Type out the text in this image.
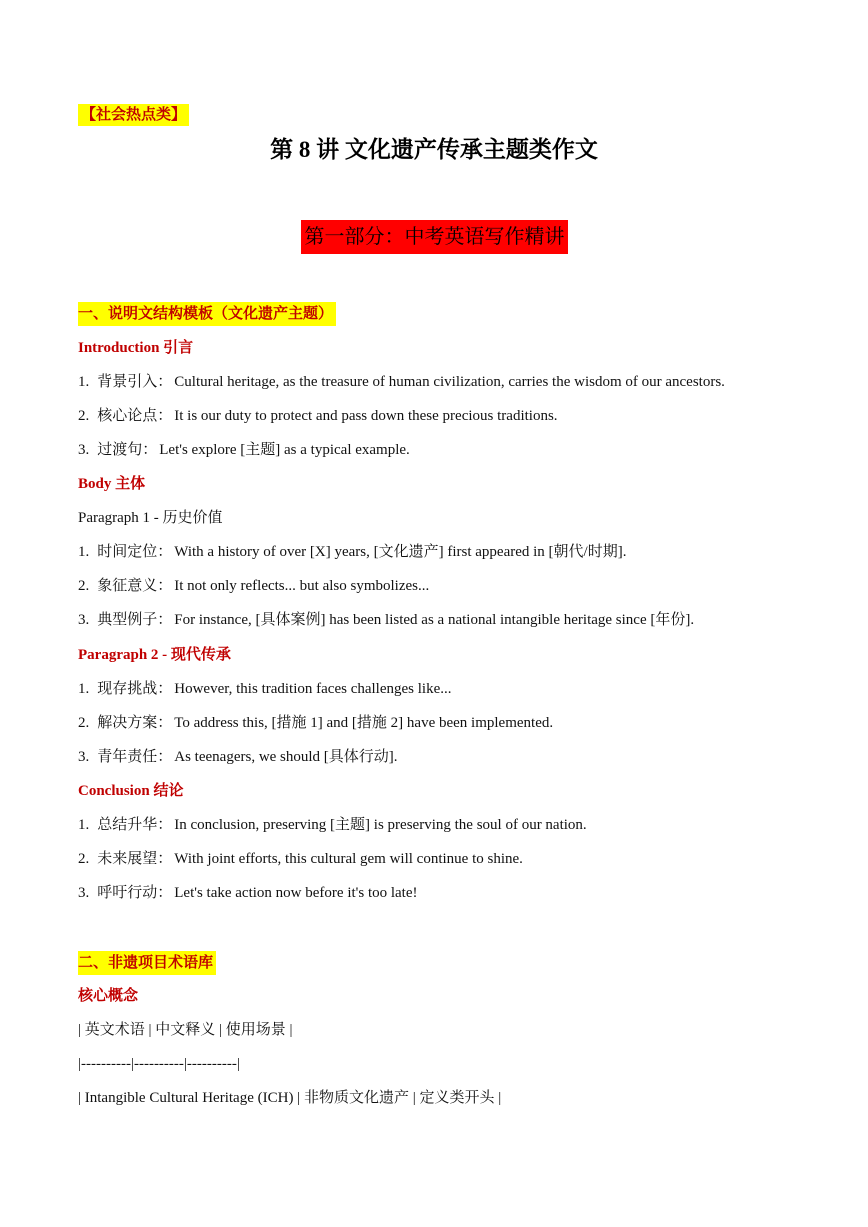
【社会热点类】
第 8 讲 文化遗产传承主题类作文
第一部分：中考英语写作精讲
一、说明文结构模板（文化遗产主题）
Introduction 引言
1. 背景引入： Cultural heritage, as the treasure of human civilization, carries the wisdom of our ancestors.
2. 核心论点： It is our duty to protect and pass down these precious traditions.
3. 过渡句： Let's explore [主题] as a typical example.
Body 主体
Paragraph 1 - 历史价值
1. 时间定位： With a history of over [X] years, [文化遗产] first appeared in [朝代/时期].
2. 象征意义： It not only reflects... but also symbolizes...
3. 典型例子： For instance, [具体案例] has been listed as a national intangible heritage since [年份].
Paragraph 2 - 现代传承
1. 现存挑战： However, this tradition faces challenges like...
2. 解决方案： To address this, [措施 1] and [措施 2] have been implemented.
3. 青年责任： As teenagers, we should [具体行动].
Conclusion 结论
1. 总结升华： In conclusion, preserving [主题] is preserving the soul of our nation.
2. 未来展望： With joint efforts, this cultural gem will continue to shine.
3. 呼吁行动： Let's take action now before it's too late!
二、非遗项目术语库
核心概念
| 英文术语 | 中文释义 | 使用场景 |
|----------|----------|----------|
| Intangible Cultural Heritage (ICH) | 非物质文化遗产 | 定义类开头 |
